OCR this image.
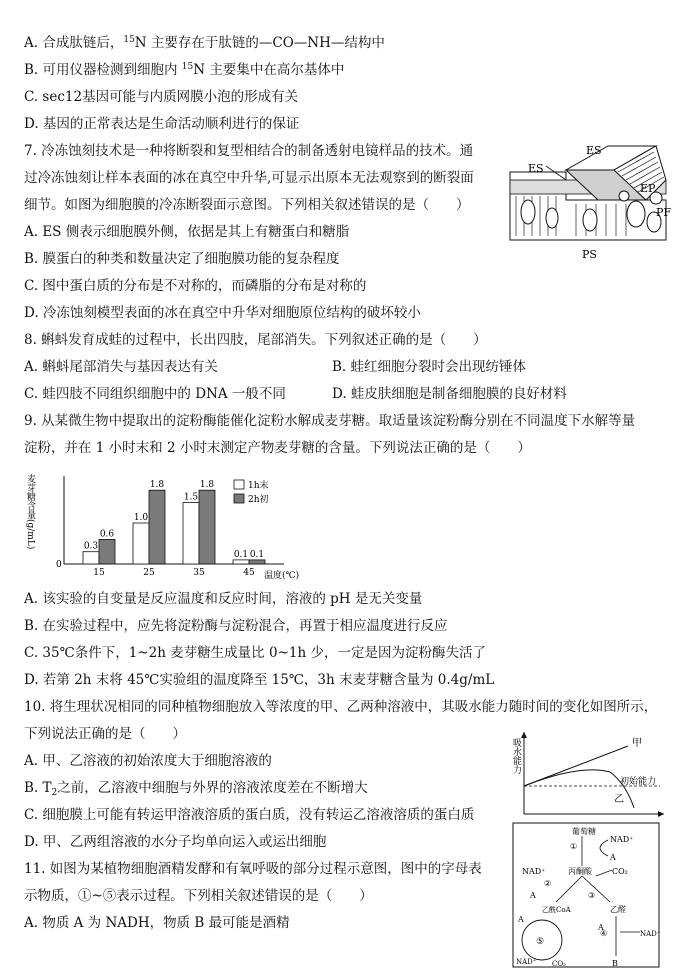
A. 合成肽链后，$^{15}$N 主要存在于肽链的—CO—NH—结构中
B. 可用仪器检测到细胞内 $^{15}$N 主要集中在高尔基体中
C. sec12基因可能与内质网膜小泡的形成有关
D. 基因的正常表达是生命活动顺利进行的保证
7. 冷冻蚀刻技术是一种将断裂和复型相结合的制备透射电镜样品的技术。通
过冷冻蚀刻让样本表面的冰在真空中升华,可显示出原本无法观察到的断裂面
细节。如图为细胞膜的冷冻断裂面示意图。下列相关叙述错误的是（　　）
A. ES 侧表示细胞膜外侧，依据是其上有糖蛋白和糖脂
B. 膜蛋白的种类和数量决定了细胞膜功能的复杂程度
C. 图中蛋白质的分布是不对称的，而磷脂的分布是对称的
D. 冷冻蚀刻模型表面的冰在真空中升华对细胞原位结构的破坏较小
ES
ES
EP
PF
PS
8. 蝌蚪发育成蛙的过程中，长出四肢，尾部消失。下列叙述正确的是（　　）
A. 蝌蚪尾部消失与基因表达有关	B. 蛙红细胞分裂时会出现纺锤体
C. 蛙四肢不同组织细胞中的 DNA 一般不同	D. 蛙皮肤细胞是制备细胞膜的良好材料
9. 从某微生物中提取出的淀粉酶能催化淀粉水解成麦芽糖。取适量该淀粉酶分别在不同温度下水解等量
淀粉，并在 1 小时末和 2 小时末测定产物麦芽糖的含量。下列说法正确的是（　　）
0
0.3
0.6
15
1.0
1.8
25
1.5
1.8
35
0.1 0.1
45
麦芽糖含量(g/mL)
温度(℃)
1h末
2h初
A. 该实验的自变量是反应温度和反应时间，溶液的 pH 是无关变量
B. 在实验过程中，应先将淀粉酶与淀粉混合，再置于相应温度进行反应
C. 35℃条件下，1~2h 麦芽糖生成量比 0~1h 少，一定是因为淀粉酶失活了
D. 若第 2h 末将 45℃实验组的温度降至 15℃，3h 末麦芽糖含量为 0.4g/mL
10. 将生理状况相同的同种植物细胞放入等浓度的甲、乙两种溶液中，其吸水能力随时间的变化如图所示，
下列说法正确的是（　　）
A. 甲、乙溶液的初始浓度大于细胞溶液的
B. $T_2$之前，乙溶液中细胞与外界的溶液浓度差在不断增大
C. 细胞膜上可能有转运甲溶液溶质的蛋白质，没有转运乙溶液溶质的蛋白质
D. 甲、乙两组溶液的水分子均单向运入或运出细胞
吸水能力	甲
乙
初始能力
11. 如图为某植物细胞酒精发酵和有氧呼吸的部分过程示意图，图中的字母表
示物质，①~⑤表示过程。下列相关叙述错误的是（　　）
A. 物质 A 为 NADH，物质 B 最可能是酒精
葡萄糖
NAD⁺
①
A
丙酮酸
NAD⁺
②
CO₂
A	③
乙酰CoA	乙醛
A
⑤
NAD⁺ CO₂
④
A
NAD⁺
B
